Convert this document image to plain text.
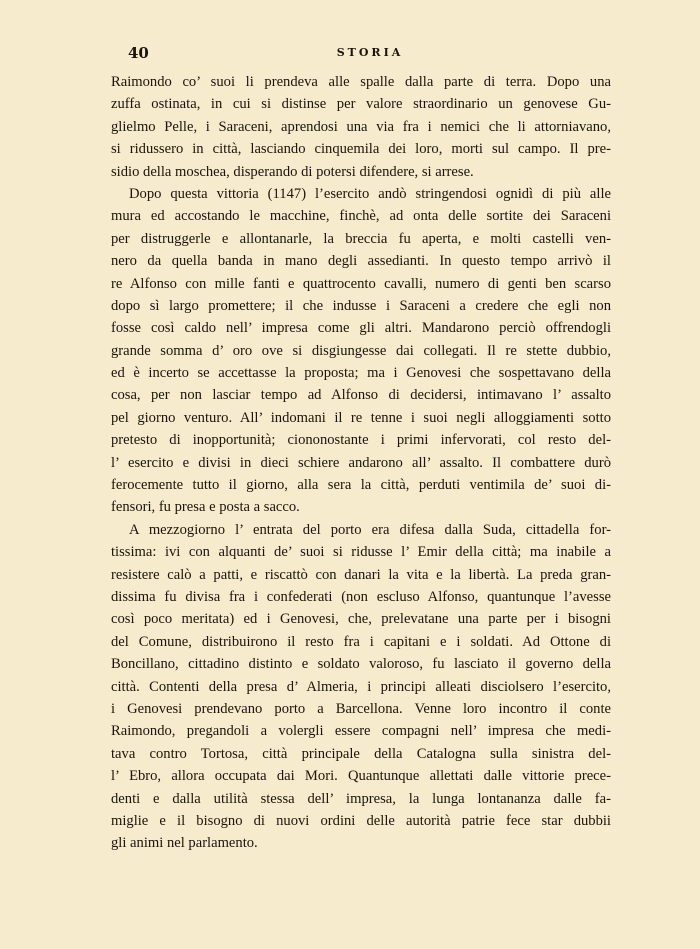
40	STORIA
Raimondo co’ suoi li prendeva alle spalle dalla parte di terra. Dopo una
zuffa ostinata, in cui si distinse per valore straordinario un genovese Gu-
glielmo Pelle, i Saraceni, aprendosi una via fra i nemici che li attorniavano,
si ridussero in città, lasciando cinquemila dei loro, morti sul campo. Il pre-
sidio della moschea, disperando di potersi difendere, si arrese.
Dopo questa vittoria (1147) l’esercito andò stringendosi ognidì di più alle
mura ed accostando le macchine, finchè, ad onta delle sortite dei Saraceni
per distruggerle e allontanarle, la breccia fu aperta, e molti castelli ven-
nero da quella banda in mano degli assedianti. In questo tempo arrivò il
re Alfonso con mille fanti e quattrocento cavalli, numero di genti ben scarso
dopo sì largo promettere; il che indusse i Saraceni a credere che egli non
fosse così caldo nell’ impresa come gli altri. Mandarono perciò offrendogli
grande somma d’ oro ove si disgiungesse dai collegati. Il re stette dubbio,
ed è incerto se accettasse la proposta; ma i Genovesi che sospettavano della
cosa, per non lasciar tempo ad Alfonso di decidersi, intimavano l’ assalto
pel giorno venturo. All’ indomani il re tenne i suoi negli alloggiamenti sotto
pretesto di inopportunità; ciononostante i primi infervorati, col resto del-
l’ esercito e divisi in dieci schiere andarono all’ assalto. Il combattere durò
ferocemente tutto il giorno, alla sera la città, perduti ventimila de’ suoi di-
fensori, fu presa e posta a sacco.
A mezzogiorno l’ entrata del porto era difesa dalla Suda, cittadella for-
tissima: ivi con alquanti de’ suoi si ridusse l’ Emir della città; ma inabile a
resistere calò a patti, e riscattò con danari la vita e la libertà. La preda gran-
dissima fu divisa fra i confederati (non escluso Alfonso, quantunque l’avesse
così poco meritata) ed i Genovesi, che, prelevatane una parte per i bisogni
del Comune, distribuirono il resto fra i capitani e i soldati. Ad Ottone di
Boncillano, cittadino distinto e soldato valoroso, fu lasciato il governo della
città. Contenti della presa d’ Almeria, i principi alleati disciolsero l’esercito,
i Genovesi prendevano porto a Barcellona. Venne loro incontro il conte
Raimondo, pregandoli a volergli essere compagni nell’ impresa che medi-
tava contro Tortosa, città principale della Catalogna sulla sinistra del-
l’ Ebro, allora occupata dai Mori. Quantunque allettati dalle vittorie prece-
denti e dalla utilità stessa dell’ impresa, la lunga lontananza dalle fa-
miglie e il bisogno di nuovi ordini delle autorità patrie fece star dubbii
gli animi nel parlamento.
